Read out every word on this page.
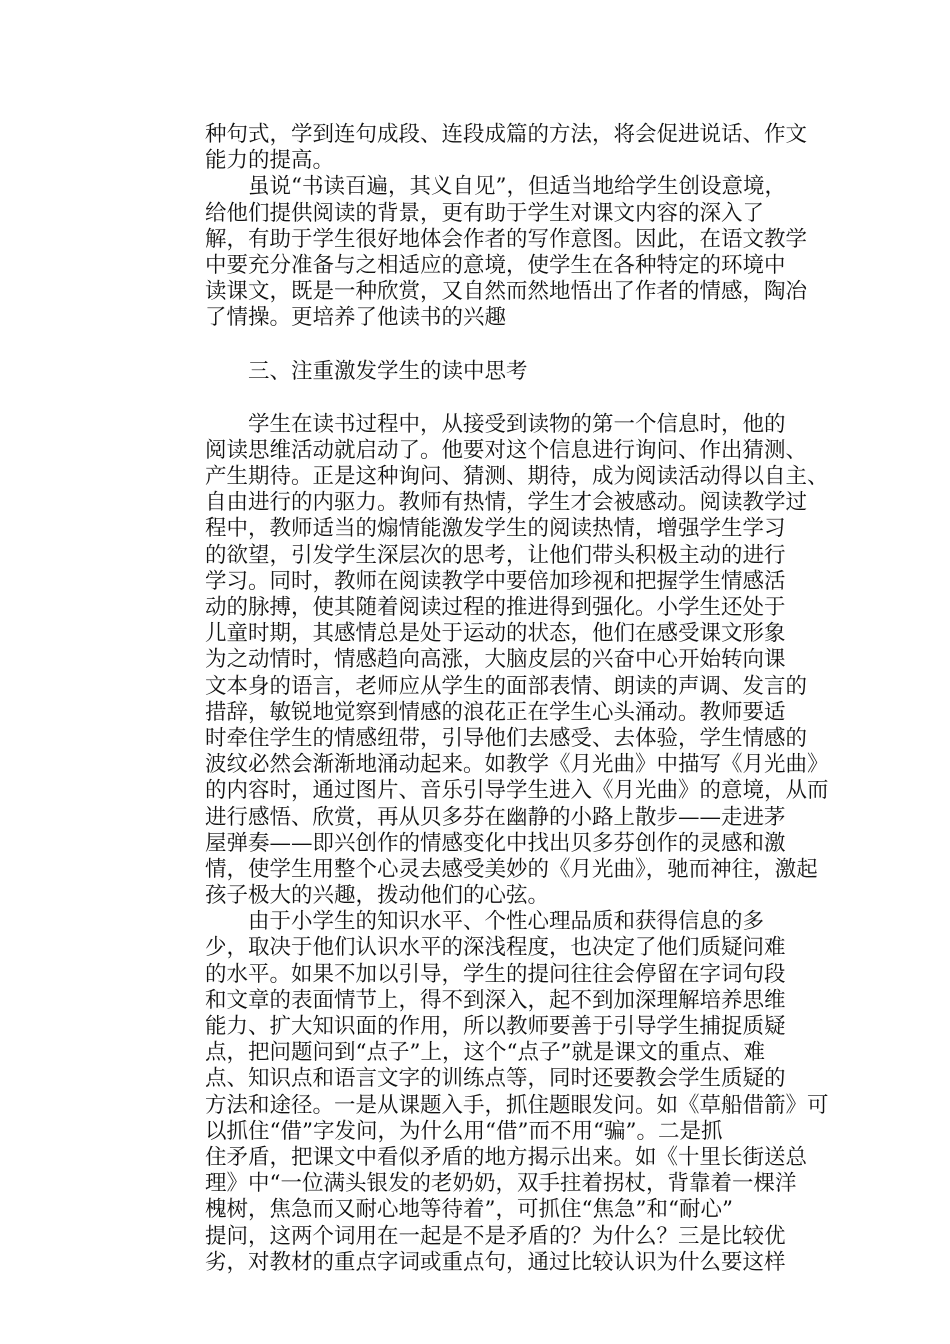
种句式，学到连句成段、连段成篇的方法，将会促进说话、作文
能力的提高。
虽说“书读百遍，其义自见”，但适当地给学生创设意境，
给他们提供阅读的背景，更有助于学生对课文内容的深入了
解，有助于学生很好地体会作者的写作意图。因此，在语文教学
中要充分准备与之相适应的意境，使学生在各种特定的环境中
读课文，既是一种欣赏，又自然而然地悟出了作者的情感，陶冶
了情操。更培养了他读书的兴趣
三、注重激发学生的读中思考
学生在读书过程中，从接受到读物的第一个信息时，他的
阅读思维活动就启动了。他要对这个信息进行询问、作出猜测、
产生期待。正是这种询问、猜测、期待，成为阅读活动得以自主、
自由进行的内驱力。教师有热情，学生才会被感动。阅读教学过
程中，教师适当的煽情能激发学生的阅读热情，增强学生学习
的欲望，引发学生深层次的思考，让他们带头积极主动的进行
学习。同时，教师在阅读教学中要倍加珍视和把握学生情感活
动的脉搏，使其随着阅读过程的推进得到强化。小学生还处于
儿童时期，其感情总是处于运动的状态，他们在感受课文形象
为之动情时，情感趋向高涨，大脑皮层的兴奋中心开始转向课
文本身的语言，老师应从学生的面部表情、朗读的声调、发言的
措辞，敏锐地觉察到情感的浪花正在学生心头涌动。教师要适
时牵住学生的情感纽带，引导他们去感受、去体验，学生情感的
波纹必然会渐渐地涌动起来。如教学《月光曲》中描写《月光曲》
的内容时，通过图片、音乐引导学生进入《月光曲》的意境，从而
进行感悟、欣赏，再从贝多芬在幽静的小路上散步——走进茅
屋弹奏——即兴创作的情感变化中找出贝多芬创作的灵感和激
情，使学生用整个心灵去感受美妙的《月光曲》，驰而神往，激起
孩子极大的兴趣，拨动他们的心弦。
由于小学生的知识水平、个性心理品质和获得信息的多
少，取决于他们认识水平的深浅程度，也决定了他们质疑问难
的水平。如果不加以引导，学生的提问往往会停留在字词句段
和文章的表面情节上，得不到深入，起不到加深理解培养思维
能力、扩大知识面的作用，所以教师要善于引导学生捕捉质疑
点，把问题问到“点子”上，这个“点子”就是课文的重点、难
点、知识点和语言文字的训练点等，同时还要教会学生质疑的
方法和途径。一是从课题入手，抓住题眼发问。如《草船借箭》可
以抓住“借”字发问，为什么用“借”而不用“骗”。二是抓
住矛盾，把课文中看似矛盾的地方揭示出来。如《十里长街送总
理》中“一位满头银发的老奶奶，双手拄着拐杖，背靠着一棵洋
槐树，焦急而又耐心地等待着”，可抓住“焦急”和“耐心”
提问，这两个词用在一起是不是矛盾的？为什么？三是比较优
劣，对教材的重点字词或重点句，通过比较认识为什么要这样
